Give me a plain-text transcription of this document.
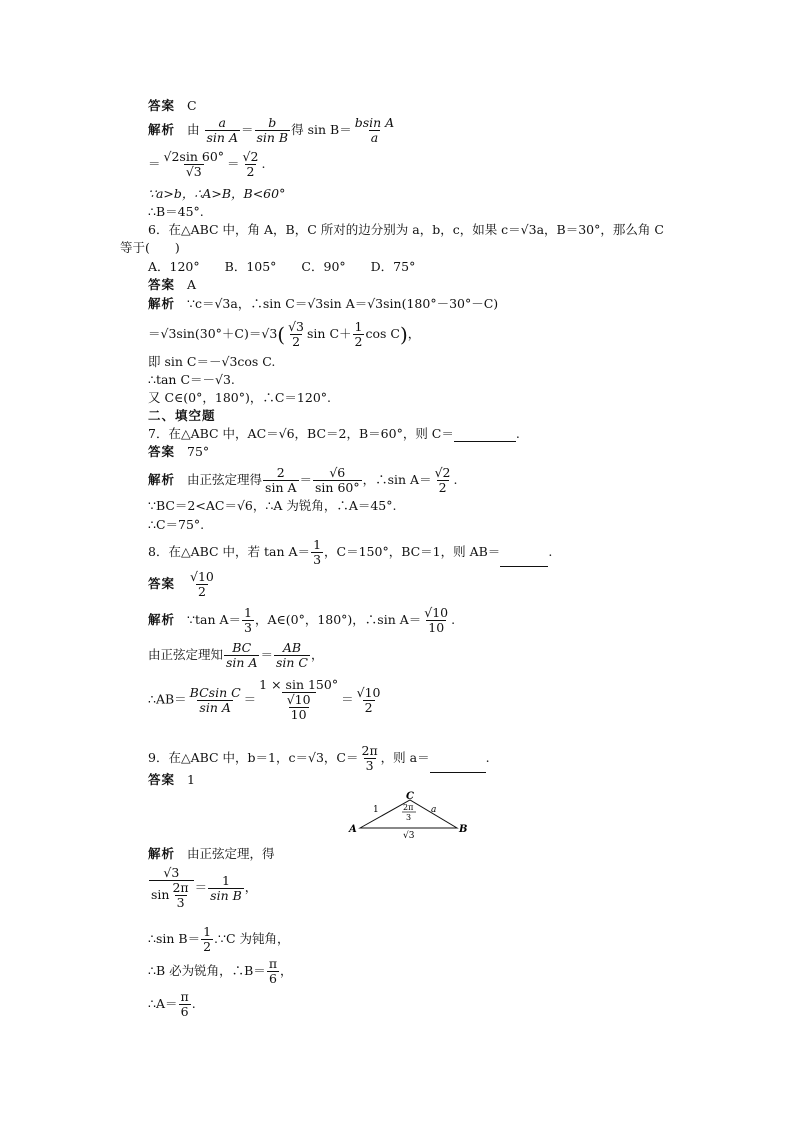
答案 C
解析 由 $\frac{a}{\text{sin A}} = \frac{b}{\text{sin B}}$ 得 $\sin B= \frac{\text{bsin A}}{a}$
＝ $\frac{√2\sin 60^\circ}{√3} = \frac{√2}{2}$ .
∵a>b，∴A>B，B<60°
∴B＝45°.
6．在△ABC 中，角 A，B，C 所对的边分别为 a，b，c，如果 c＝√3a，B＝30°，那么角 C
等于(　　)
A．120°　　B．105°　　C．90°　　D．75°
答案 A
解析 ∵c＝√3a，∴sin C＝√3sin A＝√3sin(180°－30°－C)
$=√3\sin(30^\circ+C)=√3( \frac{√3}{2}$ $\sin C+ \frac{1}{2}$ cos C)，
即 sin C＝－√3cos C.
∴tan C＝－√3.
又 C∈(0°，180°)，∴C＝120°.
二、填空题
7．在△ABC 中，AC＝√6，BC＝2，B＝60°，则 C＝	.
答案 75°
解析 由正弦定理得 $\frac{2}{\text{sin A}} = \frac{√6}{\sin 60^\circ}$ ，∴sin $A= \frac{√2}{2}$ .
∵BC＝2<AC＝√6，∴A 为锐角，∴A＝45°.
∴C＝75°.
8．在△ABC 中，若 $\tan A= \frac{1}{3}$ ，C＝150°，BC＝1，则 AB＝	.
答案 $\frac{√10}{2}$
解析 ∵tan $A= \frac{1}{3}$ ，A∈(0°，180°)，∴sin $A= \frac{√10}{10}$ .
由正弦定理知 $\frac{BC}{\text{sin A}} = \frac{AB}{\text{sin C}}$ ，
∴AB＝ $\frac{\text{BCsin C}}{\text{sin A}} = \frac{1 \times \sin 150^\circ}{\frac{√10}{10}} = \frac{√10}{2}$
9．在△ABC 中，b＝1，c＝√3，$C= \frac{2\pi}{3}$ ，则 a＝	.
答案 1
A	B
C
1	a
√3
2π
3
解析 由正弦定理，得
$\frac{√3}{\sin \frac{2\pi}{3}} = \frac{1}{\text{sin B}}$ ，
∴sin $B= \frac{1}{2}$ .∵C 为钝角，
∴B 必为锐角，∴B＝ $\frac{\pi}{6}$ ，
∴A＝ $\frac{\pi}{6}$ .
